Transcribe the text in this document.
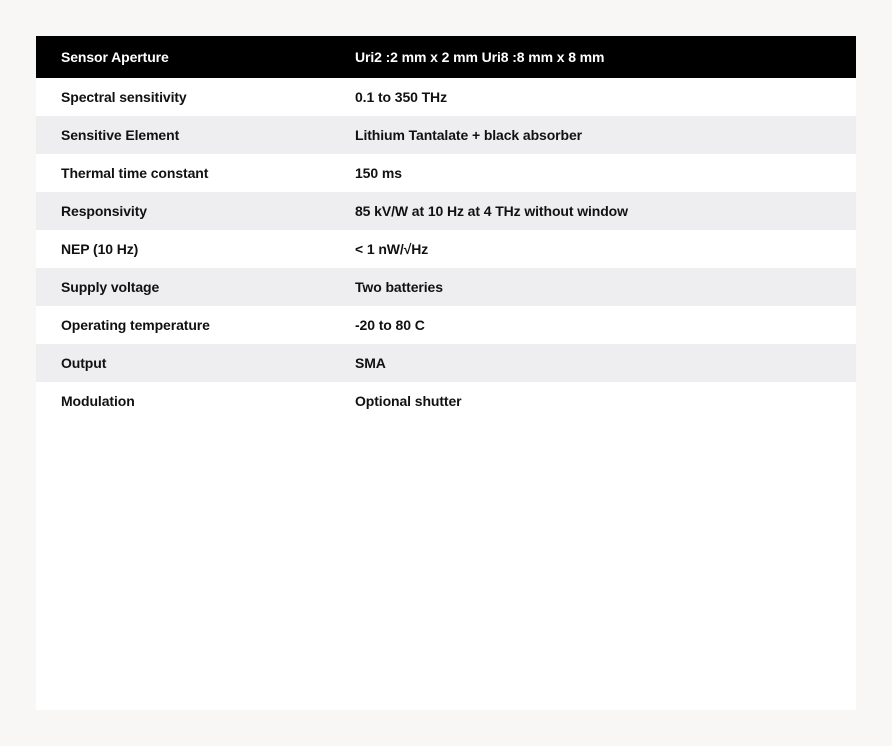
Sensor Aperture	Uri2 :2 mm x 2 mm Uri8 :8 mm x 8 mm
Spectral sensitivity	0.1 to 350 THz
Sensitive Element	Lithium Tantalate + black absorber
Thermal time constant	150 ms
Responsivity	85 kV/W at 10 Hz at 4 THz without window
NEP (10 Hz)	< 1 nW/√Hz
Supply voltage	Two batteries
Operating temperature	-20 to 80 C
Output	SMA
Modulation	Optional shutter
